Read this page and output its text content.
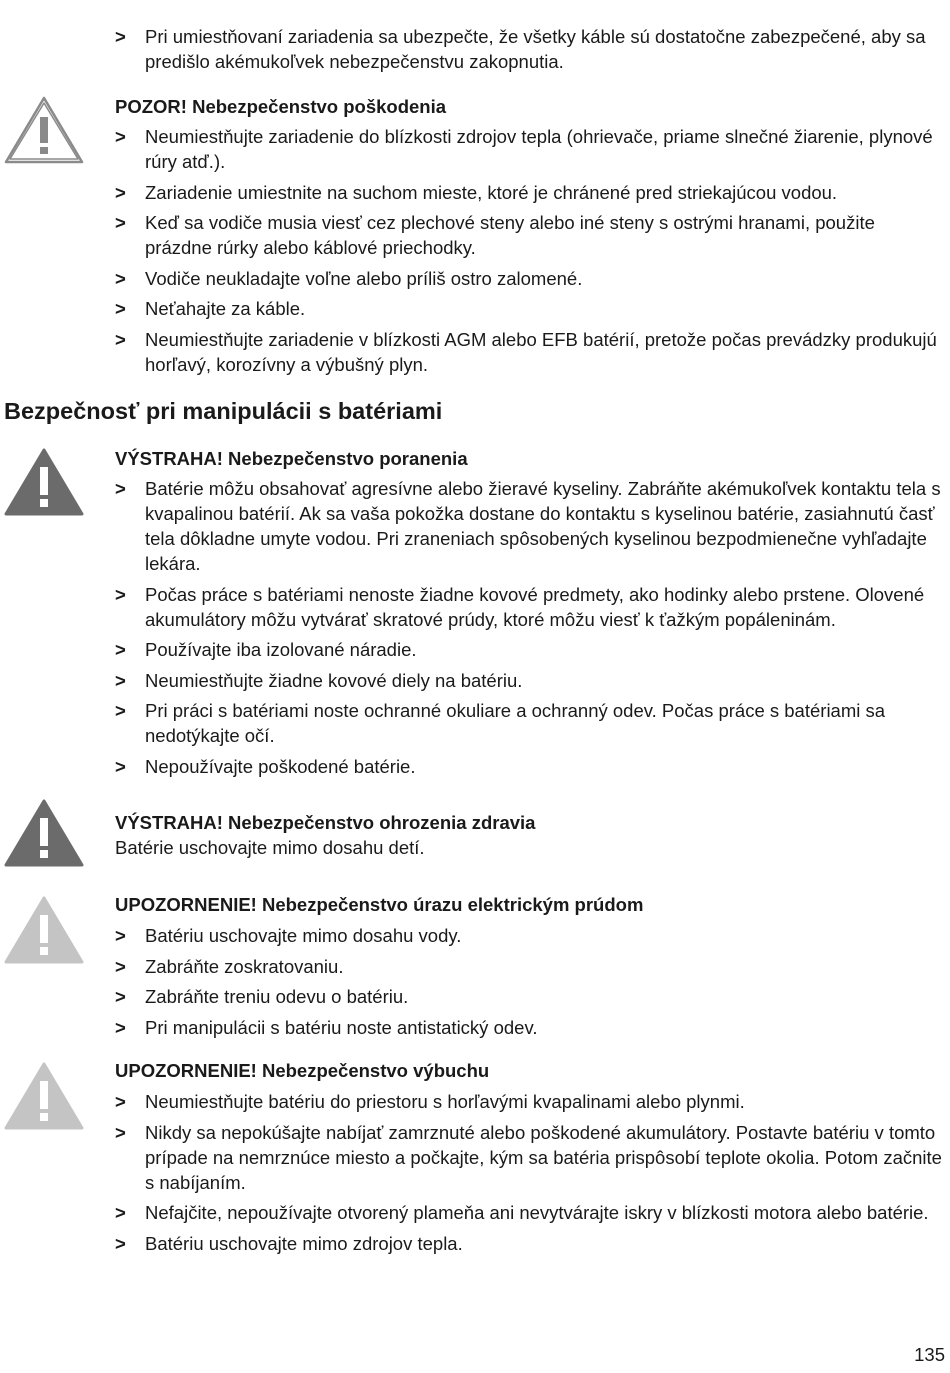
> Pri umiestňovaní zariadenia sa ubezpečte, že všetky káble sú dostatočne zabezpečené, aby sa predišlo akémukoľvek nebezpečenstvu zakopnutia.
POZOR! Nebezpečenstvo poškodenia
> Neumiestňujte zariadenie do blízkosti zdrojov tepla (ohrievače, priame slnečné žiarenie, plynové rúry atď.).
> Zariadenie umiestnite na suchom mieste, ktoré je chránené pred striekajúcou vodou.
> Keď sa vodiče musia viesť cez plechové steny alebo iné steny s ostrými hranami, použite prázdne rúrky alebo káblové priechodky.
> Vodiče neukladajte voľne alebo príliš ostro zalomené.
> Neťahajte za káble.
> Neumiestňujte zariadenie v blízkosti AGM alebo EFB batérií, pretože počas prevádzky produkujú horľavý, korozívny a výbušný plyn.
Bezpečnosť pri manipulácii s batériami
VÝSTRAHA! Nebezpečenstvo poranenia
> Batérie môžu obsahovať agresívne alebo žieravé kyseliny. Zabráňte akémukoľvek kontaktu tela s kvapalinou batérií. Ak sa vaša pokožka dostane do kontaktu s kyselinou batérie, zasiahnutú časť tela dôkladne umyte vodou. Pri zraneniach spôsobených kyselinou bezpodmienečne vyhľadajte lekára.
> Počas práce s batériami nenoste žiadne kovové predmety, ako hodinky alebo prstene. Olovené akumulátory môžu vytvárať skratové prúdy, ktoré môžu viesť k ťažkým popáleninám.
> Používajte iba izolované náradie.
> Neumiestňujte žiadne kovové diely na batériu.
> Pri práci s batériami noste ochranné okuliare a ochranný odev. Počas práce s batériami sa nedotýkajte očí.
> Nepoužívajte poškodené batérie.
VÝSTRAHA! Nebezpečenstvo ohrozenia zdravia
Batérie uschovajte mimo dosahu detí.
UPOZORNENIE! Nebezpečenstvo úrazu elektrickým prúdom
> Batériu uschovajte mimo dosahu vody.
> Zabráňte zoskratovaniu.
> Zabráňte treniu odevu o batériu.
> Pri manipulácii s batériu noste antistatický odev.
UPOZORNENIE! Nebezpečenstvo výbuchu
> Neumiestňujte batériu do priestoru s horľavými kvapalinami alebo plynmi.
> Nikdy sa nepokúšajte nabíjať zamrznuté alebo poškodené akumulátory. Postavte batériu v tomto prípade na nemrznúce miesto a počkajte, kým sa batéria prispôsobí teplote okolia. Potom začnite s nabíjaním.
> Nefajčite, nepoužívajte otvorený plameňa ani nevytvárajte iskry v blízkosti motora alebo batérie.
> Batériu uschovajte mimo zdrojov tepla.
135
